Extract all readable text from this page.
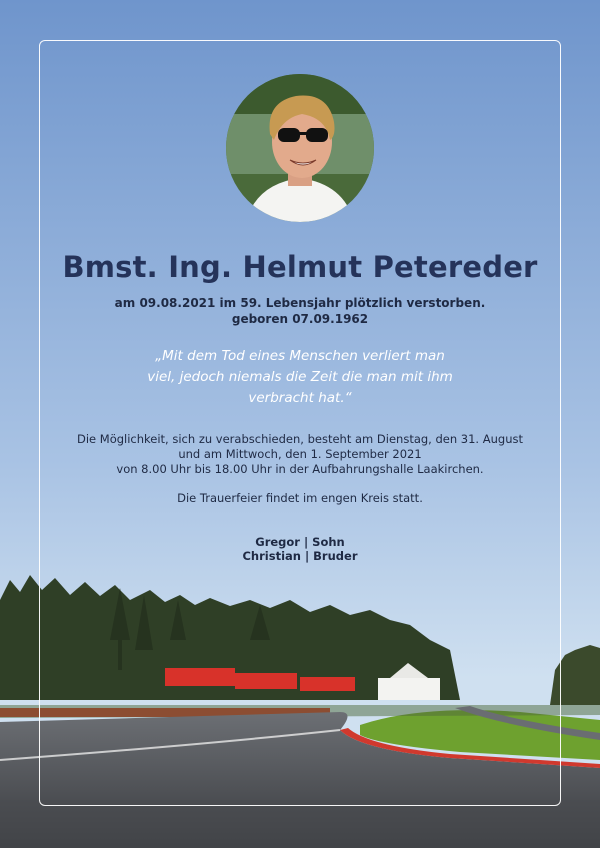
Bmst. Ing. Helmut Petereder
am 09.08.2021 im 59. Lebensjahr plötzlich verstorben.
geboren 07.09.1962
„Mit dem Tod eines Menschen verliert man
viel, jedoch niemals die Zeit die man mit ihm
verbracht hat.“
Die Möglichkeit, sich zu verabschieden, besteht am Dienstag, den 31. August
und am Mittwoch, den 1. September 2021
von 8.00 Uhr bis 18.00 Uhr in der Aufbahrungshalle Laakirchen.
Die Trauerfeier findet im engen Kreis statt.
Gregor | Sohn
Christian | Bruder
